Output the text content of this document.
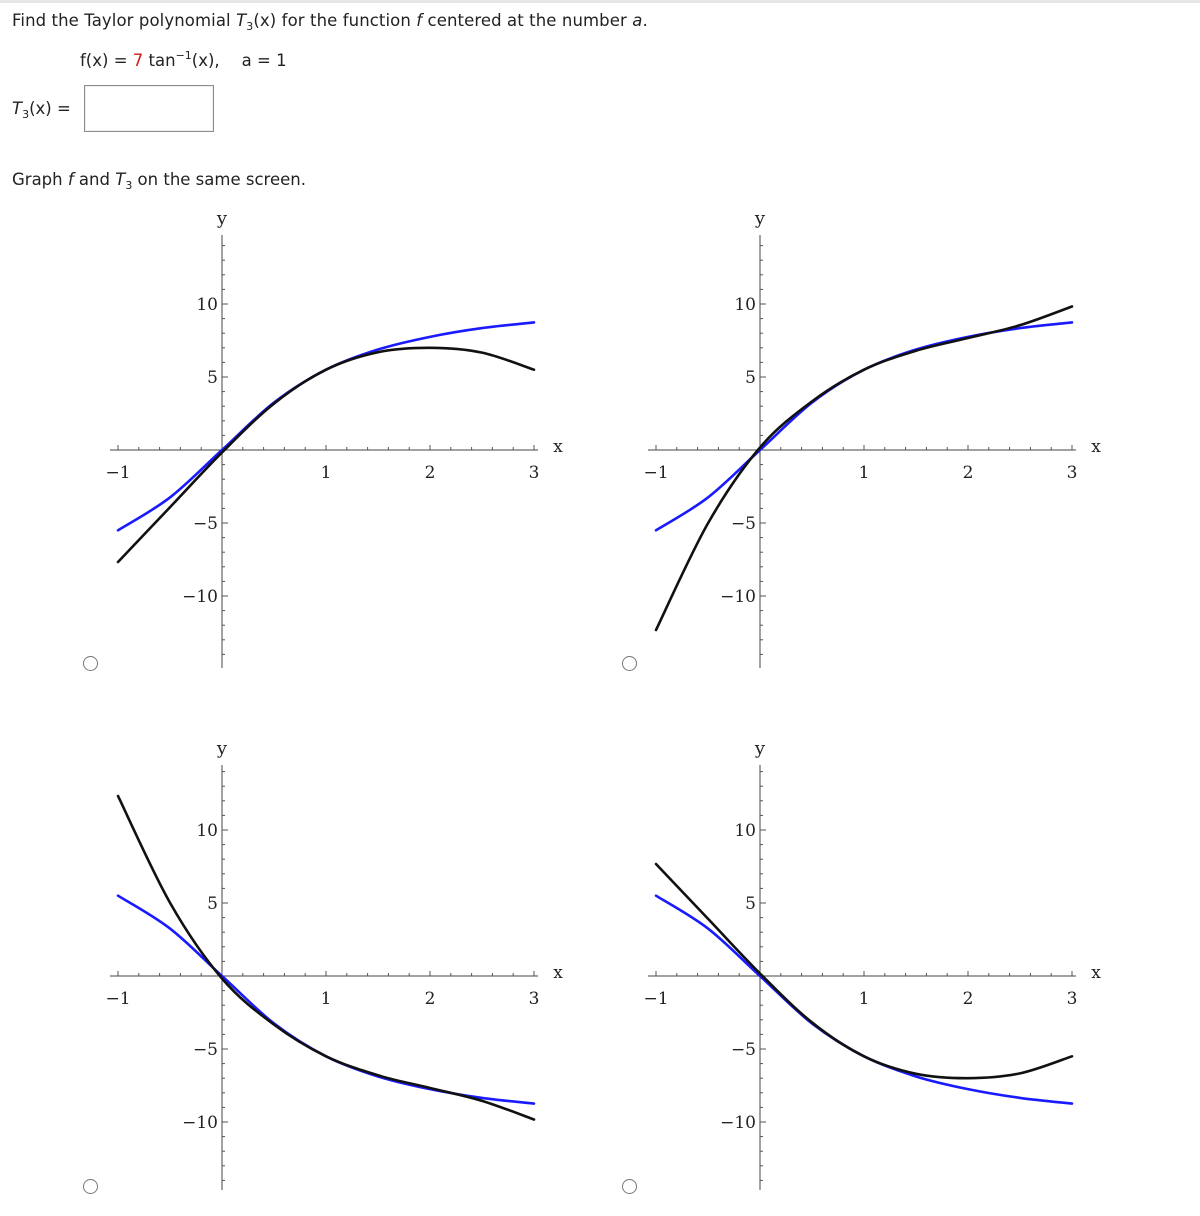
Find the Taylor polynomial $T_3(x)$ for the function f centered at the number a.
f(x) = 7 $\tan^{-1}(x)$, a = 1
$T_3(x)$ =
Graph f and $T_3$ on the same screen.
−1	1	2	3
10
5
−5
−10
x
y
−1	1	2	3
10
5
−5
−10
x
y
−1	1	2	3
10
5
−5
−10
x
y
−1	1	2	3
10
5
−5
−10
x
y
